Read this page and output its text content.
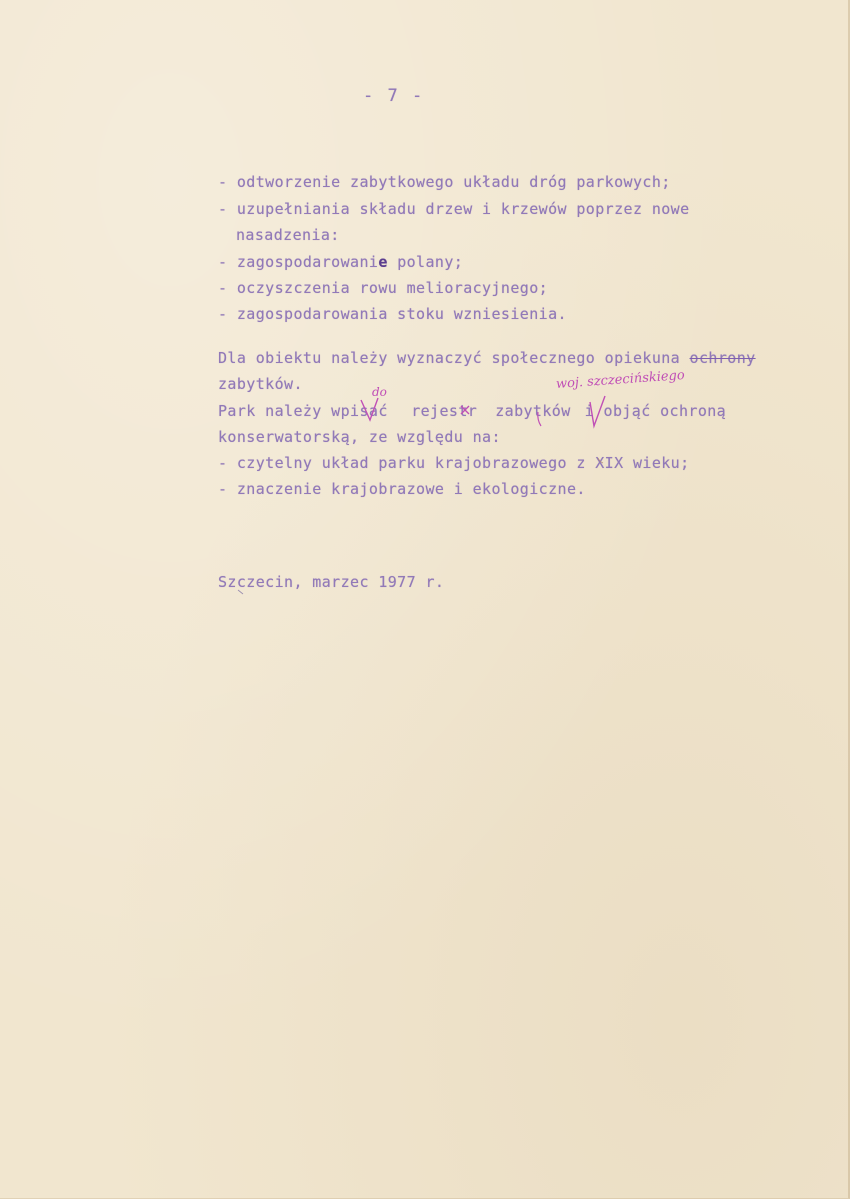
- 7 -
- odtworzenie zabytkowego układu dróg parkowych;
- uzupełniania składu drzew i krzewów poprzez nowe
nasadzenia:
- zagospodarowanie polany;
- oczyszczenia rowu melioracyjnego;
- zagospodarowania stoku wzniesienia.
Dla obiektu należy wyznaczyć społecznego opiekuna ochrony
zabytków.
Park należy wpisać rejestr zabytków i objąć ochroną
konserwatorską, ze względu na:
- czytelny układ parku krajobrazowego z XIX wieku;
- znaczenie krajobrazowe i ekologiczne.
Szczecin, marzec 1977 r.
do
woj. szczecińskiego
